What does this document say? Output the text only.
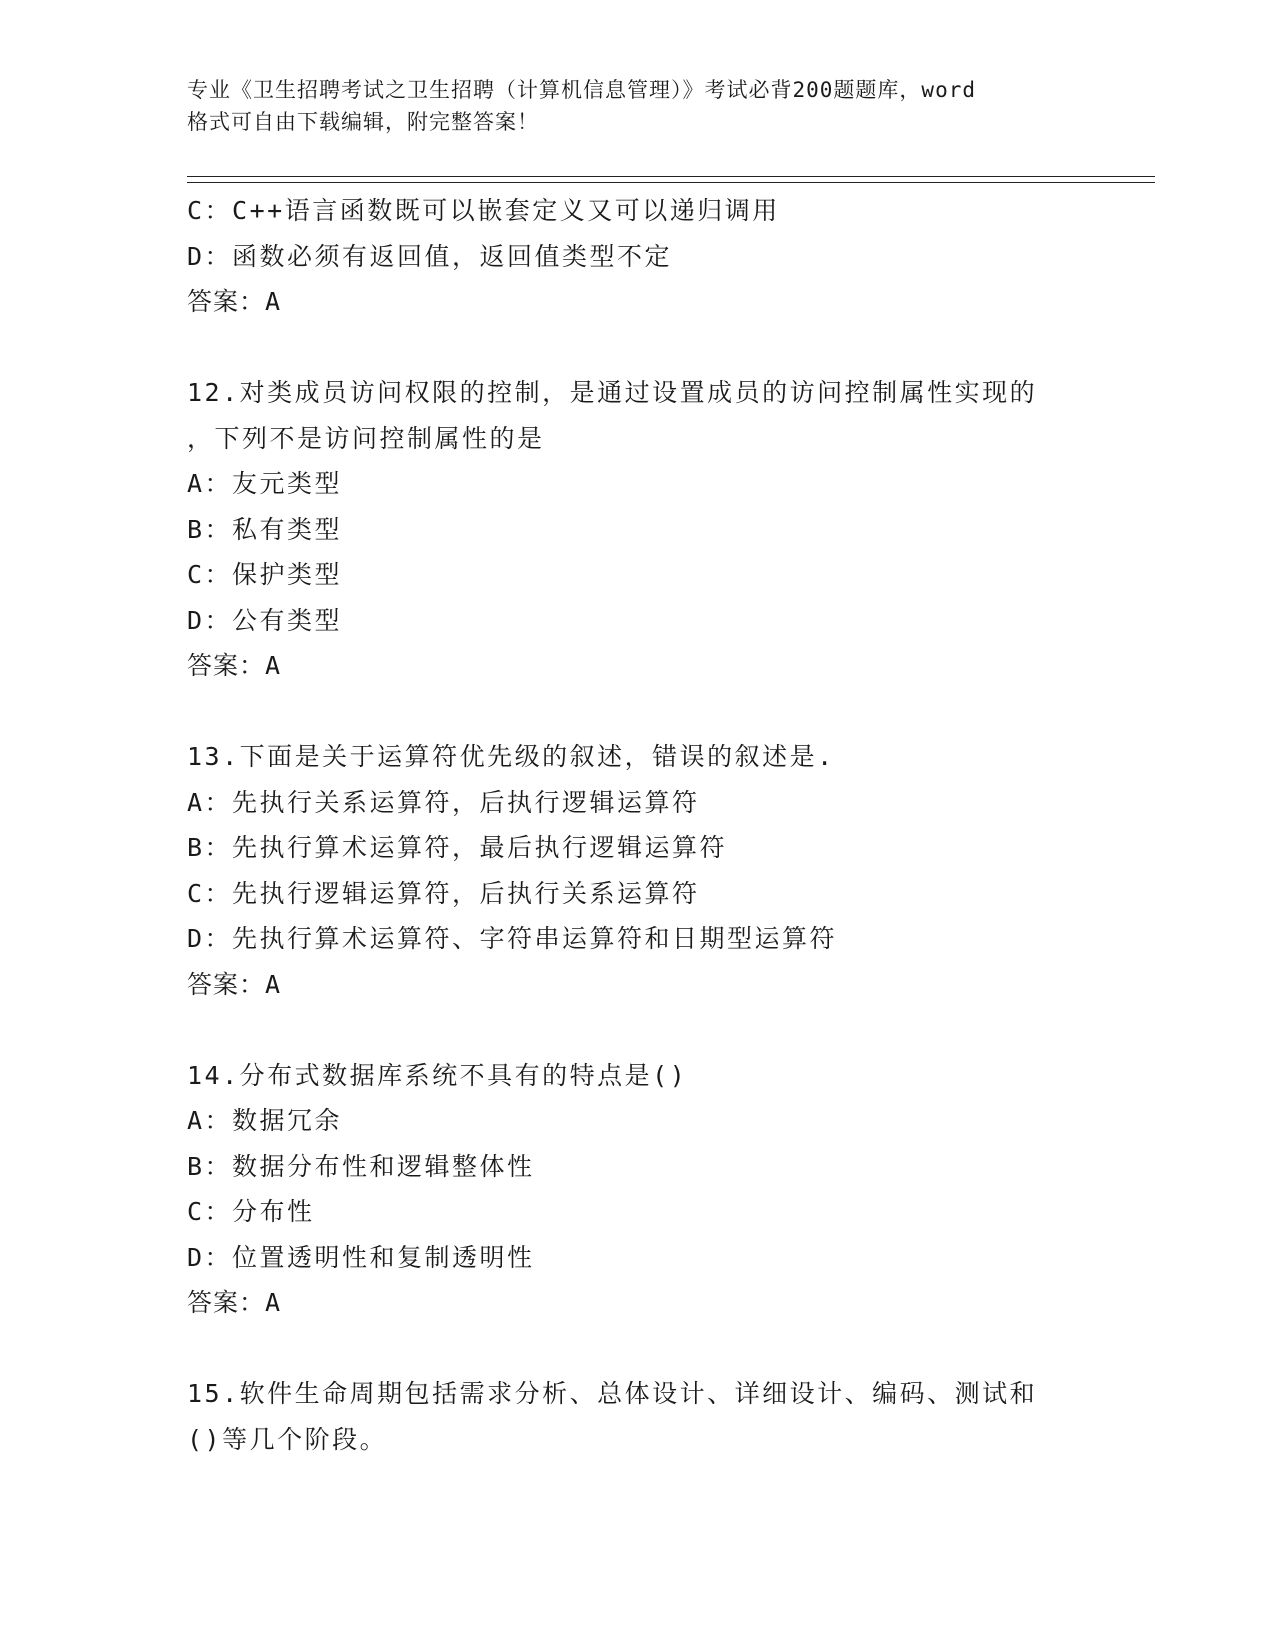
专业《卫生招聘考试之卫生招聘（计算机信息管理）》考试必背200题题库，word
格式可自由下载编辑，附完整答案！
C：C++语言函数既可以嵌套定义又可以递归调用
D：函数必须有返回值，返回值类型不定
答案：A
12.对类成员访问权限的控制，是通过设置成员的访问控制属性实现的
，下列不是访问控制属性的是
A：友元类型
B：私有类型
C：保护类型
D：公有类型
答案：A
13.下面是关于运算符优先级的叙述，错误的叙述是.
A：先执行关系运算符，后执行逻辑运算符
B：先执行算术运算符，最后执行逻辑运算符
C：先执行逻辑运算符，后执行关系运算符
D：先执行算术运算符、字符串运算符和日期型运算符
答案：A
14.分布式数据库系统不具有的特点是()
A：数据冗余
B：数据分布性和逻辑整体性
C：分布性
D：位置透明性和复制透明性
答案：A
15.软件生命周期包括需求分析、总体设计、详细设计、编码、测试和
()等几个阶段。
